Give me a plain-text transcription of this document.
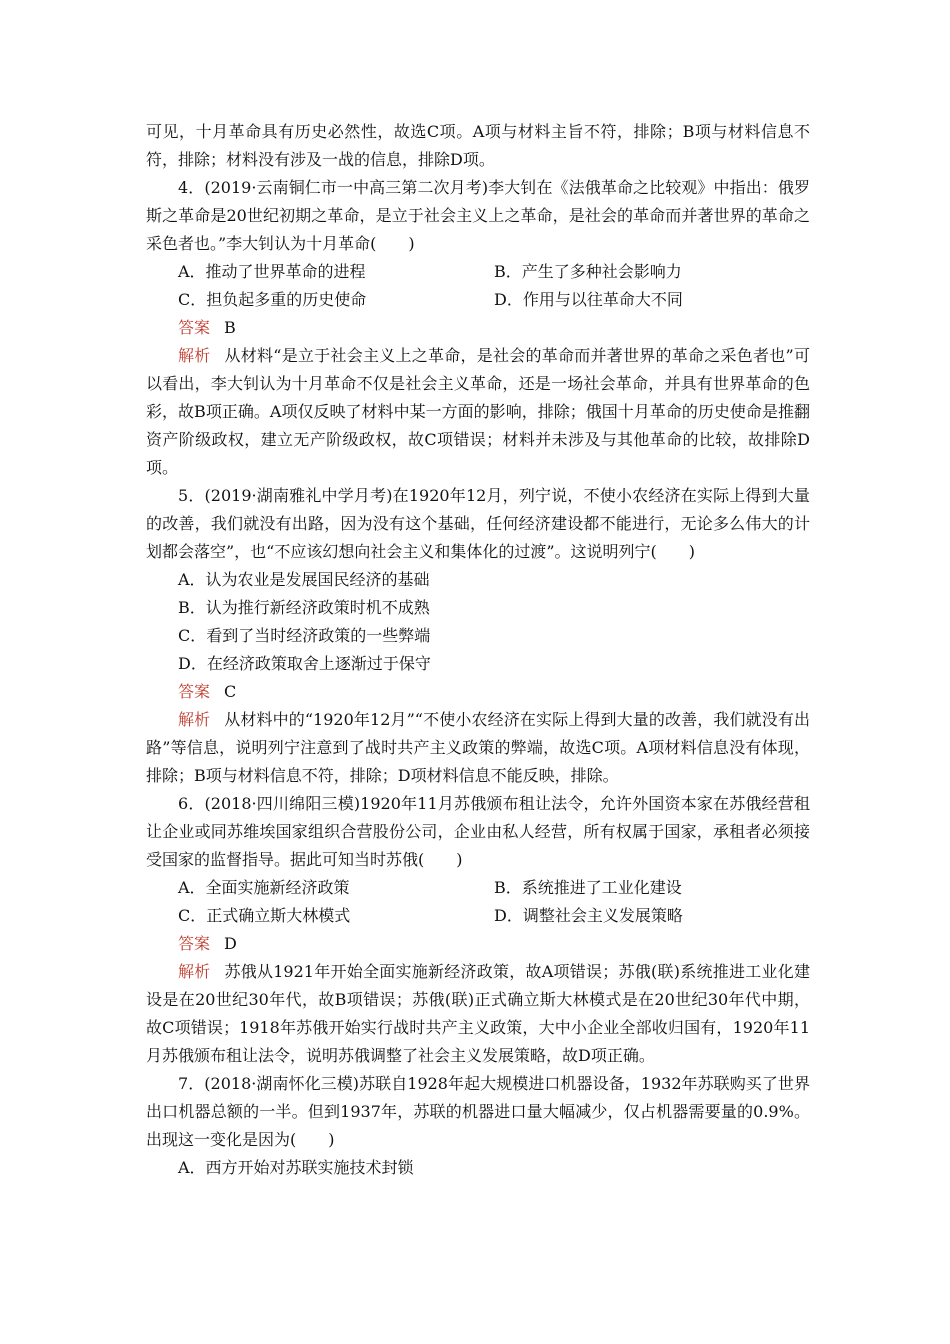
可见，十月革命具有历史必然性，故选C项。A项与材料主旨不符，排除；B项与材料信息不符，排除；材料没有涉及一战的信息，排除D项。

4．(2019·云南铜仁市一中高三第二次月考)李大钊在《法俄革命之比较观》中指出：俄罗斯之革命是20世纪初期之革命，是立于社会主义上之革命，是社会的革命而并著世界的革命之采色者也。”李大钊认为十月革命(　　)

A．推动了世界革命的进程	B．产生了多种社会影响力
C．担负起多重的历史使命	D．作用与以往革命大不同
答案 B

解析 从材料“是立于社会主义上之革命，是社会的革命而并著世界的革命之采色者也”可以看出，李大钊认为十月革命不仅是社会主义革命，还是一场社会革命，并具有世界革命的色彩，故B项正确。A项仅反映了材料中某一方面的影响，排除；俄国十月革命的历史使命是推翻资产阶级政权，建立无产阶级政权，故C项错误；材料并未涉及与其他革命的比较，故排除D项。

5．(2019·湖南雅礼中学月考)在1920年12月，列宁说，不使小农经济在实际上得到大量的改善，我们就没有出路，因为没有这个基础，任何经济建设都不能进行，无论多么伟大的计划都会落空”，也“不应该幻想向社会主义和集体化的过渡”。这说明列宁(　　)

A．认为农业是发展国民经济的基础
B．认为推行新经济政策时机不成熟
C．看到了当时经济政策的一些弊端
D．在经济政策取舍上逐渐过于保守
答案 C

解析 从材料中的“1920年12月”“不使小农经济在实际上得到大量的改善，我们就没有出路”等信息，说明列宁注意到了战时共产主义政策的弊端，故选C项。A项材料信息没有体现，排除；B项与材料信息不符，排除；D项材料信息不能反映，排除。

6．(2018·四川绵阳三模)1920年11月苏俄颁布租让法令，允许外国资本家在苏俄经营租让企业或同苏维埃国家组织合营股份公司，企业由私人经营，所有权属于国家，承租者必须接受国家的监督指导。据此可知当时苏俄(　　)

A．全面实施新经济政策	B．系统推进了工业化建设
C．正式确立斯大林模式	D．调整社会主义发展策略
答案 D

解析 苏俄从1921年开始全面实施新经济政策，故A项错误；苏俄(联)系统推进工业化建设是在20世纪30年代，故B项错误；苏俄(联)正式确立斯大林模式是在20世纪30年代中期，故C项错误；1918年苏俄开始实行战时共产主义政策，大中小企业全部收归国有，1920年11月苏俄颁布租让法令，说明苏俄调整了社会主义发展策略，故D项正确。

7．(2018·湖南怀化三模)苏联自1928年起大规模进口机器设备，1932年苏联购买了世界出口机器总额的一半。但到1937年，苏联的机器进口量大幅减少，仅占机器需要量的0.9%。出现这一变化是因为(　　)

A．西方开始对苏联实施技术封锁
